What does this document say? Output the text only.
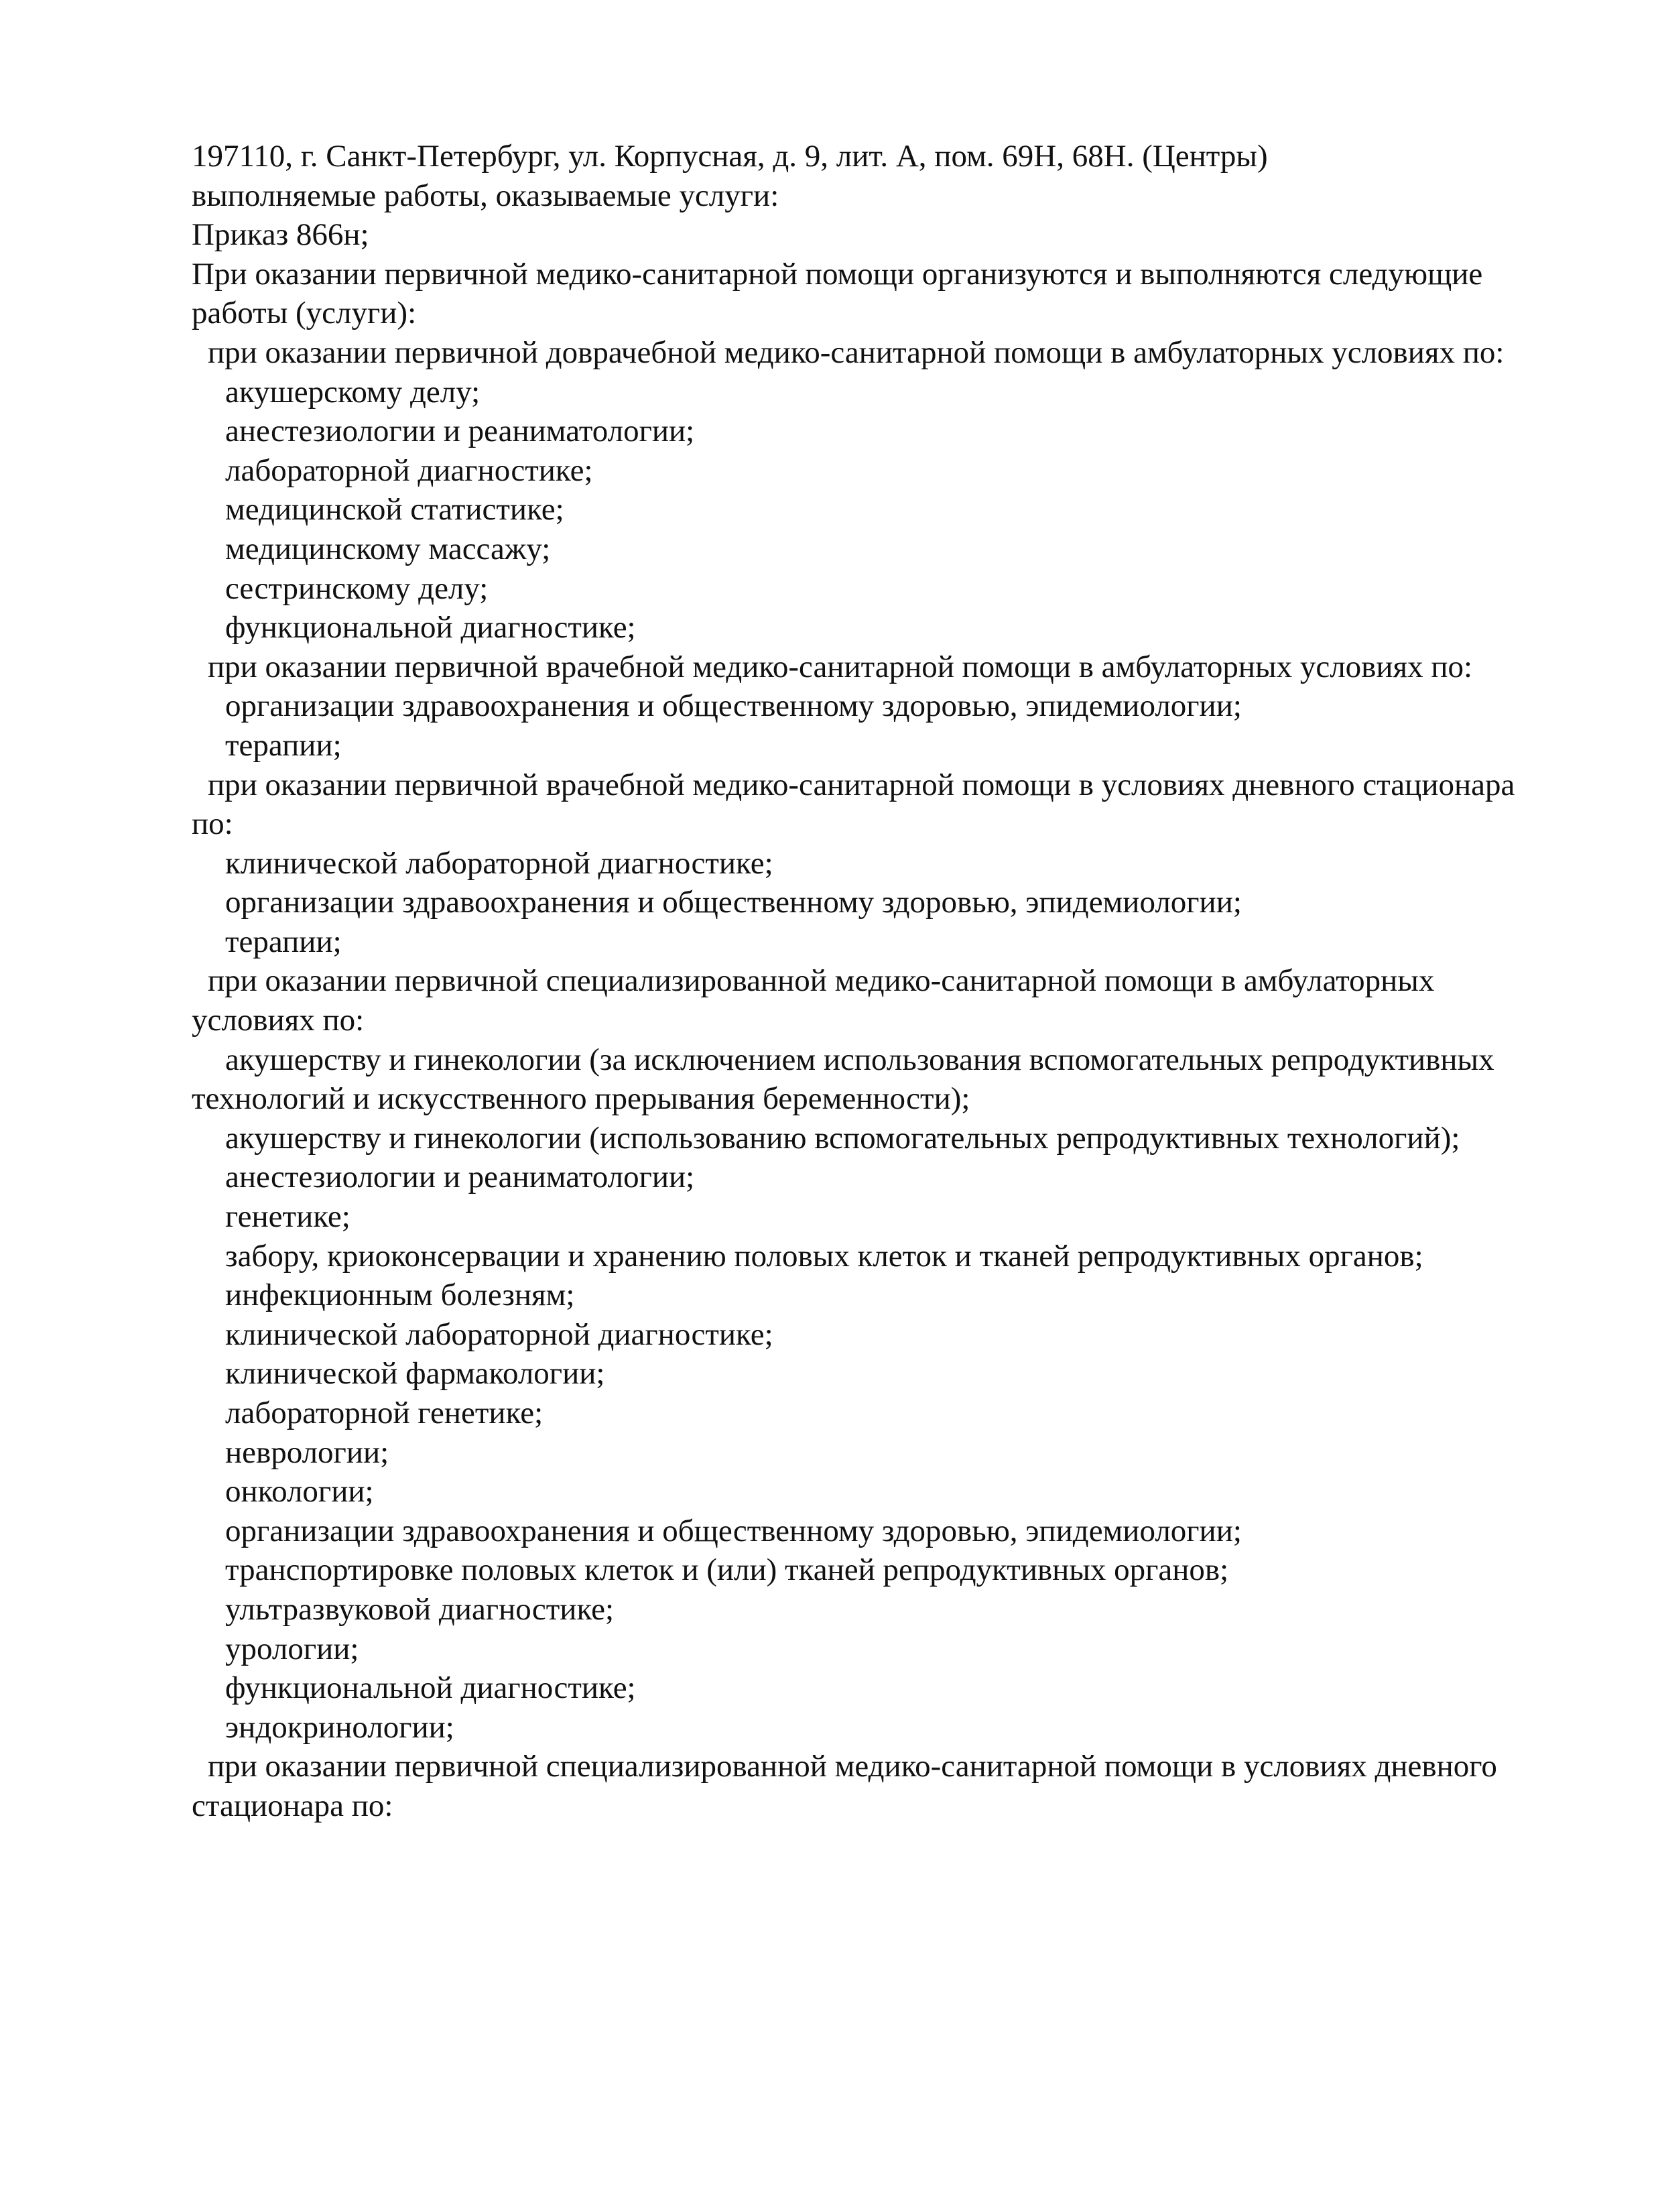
197110, г. Санкт-Петербург, ул. Корпусная, д. 9, лит. А, пом. 69Н, 68Н. (Центры)

выполняемые работы, оказываемые услуги:

Приказ 866н;

При оказании первичной медико-санитарной помощи организуются и выполняются следующие работы (услуги):

при оказании первичной доврачебной медико-санитарной помощи в амбулаторных условиях по:

акушерскому делу;

анестезиологии и реаниматологии;

лабораторной диагностике;

медицинской статистике;

медицинскому массажу;

сестринскому делу;

функциональной диагностике;

при оказании первичной врачебной медико-санитарной помощи в амбулаторных условиях по:

организации здравоохранения и общественному здоровью, эпидемиологии;

терапии;

при оказании первичной врачебной медико-санитарной помощи в условиях дневного стационара по:

клинической лабораторной диагностике;

организации здравоохранения и общественному здоровью, эпидемиологии;

терапии;

при оказании первичной специализированной медико-санитарной помощи в амбулаторных условиях по:

акушерству и гинекологии (за исключением использования вспомогательных репродуктивных технологий и искусственного прерывания беременности);

акушерству и гинекологии (использованию вспомогательных репродуктивных технологий);

анестезиологии и реаниматологии;

генетике;

забору, криоконсервации и хранению половых клеток и тканей репродуктивных органов;

инфекционным болезням;

клинической лабораторной диагностике;

клинической фармакологии;

лабораторной генетике;

неврологии;

онкологии;

организации здравоохранения и общественному здоровью, эпидемиологии;

транспортировке половых клеток и (или) тканей репродуктивных органов;

ультразвуковой диагностике;

урологии;

функциональной диагностике;

эндокринологии;

при оказании первичной специализированной медико-санитарной помощи в условиях дневного стационара по:
